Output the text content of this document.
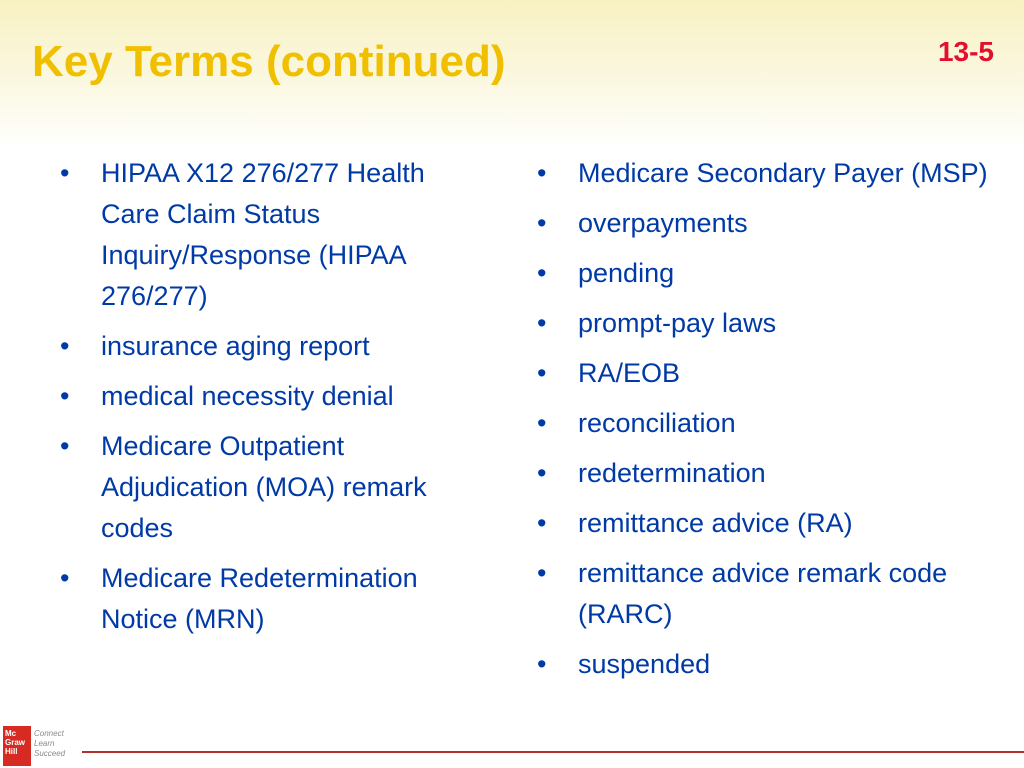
Key Terms (continued)	13-5
• HIPAA X12 276/277 Health Care Claim Status Inquiry/Response (HIPAA 276/277)
• insurance aging report
• medical necessity denial
• Medicare Outpatient Adjudication (MOA) remark codes
• Medicare Redetermination Notice (MRN)
• Medicare Secondary Payer (MSP)
• overpayments
• pending
• prompt-pay laws
• RA/EOB
• reconciliation
• redetermination
• remittance advice (RA)
• remittance advice remark code (RARC)
• suspended
Mc Graw Hill
Connect Learn Succeed
